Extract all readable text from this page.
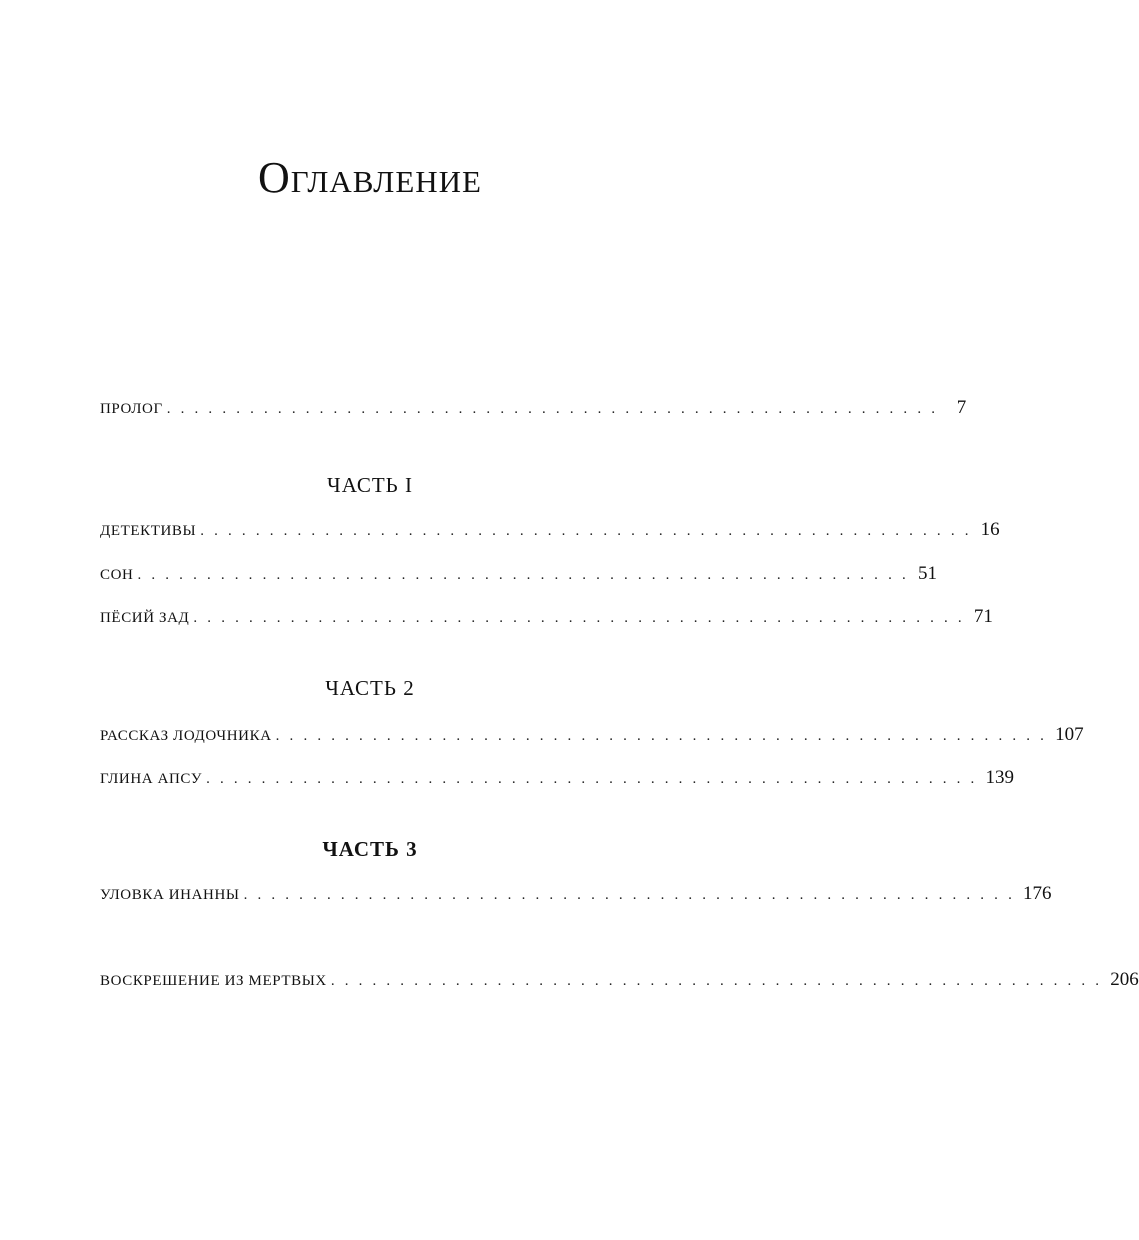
Оглавление
ПРОЛОГ . . . . . . . . . . . . . . . . . . . . . . . . . . . . . . . . . . . . . . . . . . . . . . . . . . . . . . . . 7
ЧАСТЬ I
ДЕТЕКТИВЫ . . . . . . . . . . . . . . . . . . . . . . . . . . . . . . . . . . . . . . . . . . . . . . . . . . . . . . . . 16
СОН . . . . . . . . . . . . . . . . . . . . . . . . . . . . . . . . . . . . . . . . . . . . . . . . . . . . . . . . 51
ПЁСИЙ ЗАД . . . . . . . . . . . . . . . . . . . . . . . . . . . . . . . . . . . . . . . . . . . . . . . . . . . . . . . . 71
ЧАСТЬ 2
РАССКАЗ ЛОДОЧНИКА . . . . . . . . . . . . . . . . . . . . . . . . . . . . . . . . . . . . . . . . . . . . . . . . . . . . . . . . 107
ГЛИНА АПСУ . . . . . . . . . . . . . . . . . . . . . . . . . . . . . . . . . . . . . . . . . . . . . . . . . . . . . . . . 139
ЧАСТЬ 3
УЛОВКА ИНАННЫ . . . . . . . . . . . . . . . . . . . . . . . . . . . . . . . . . . . . . . . . . . . . . . . . . . . . . . . . 176
ВОСКРЕШЕНИЕ ИЗ МЕРТВЫХ . . . . . . . . . . . . . . . . . . . . . . . . . . . . . . . . . . . . . . . . . . . . . . . . . . . . . . . . 206
